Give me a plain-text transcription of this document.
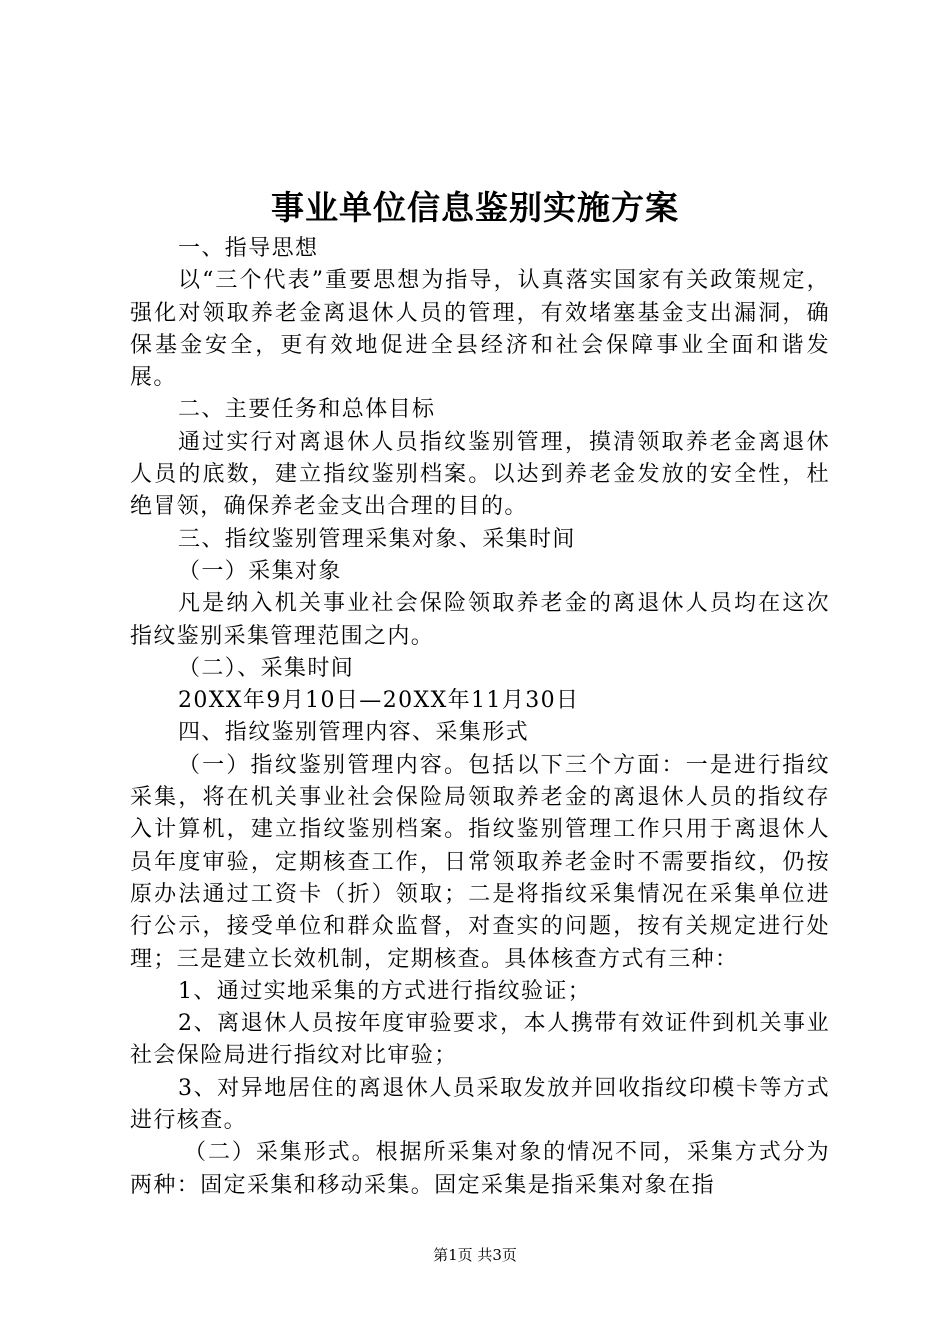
事业单位信息鉴别实施方案

一、指导思想

以“三个代表”重要思想为指导，认真落实国家有关政策规定，强化对领取养老金离退休人员的管理，有效堵塞基金支出漏洞，确保基金安全，更有效地促进全县经济和社会保障事业全面和谐发展。

二、主要任务和总体目标

通过实行对离退休人员指纹鉴别管理，摸清领取养老金离退休人员的底数，建立指纹鉴别档案。以达到养老金发放的安全性，杜绝冒领，确保养老金支出合理的目的。

三、指纹鉴别管理采集对象、采集时间

（一）采集对象

凡是纳入机关事业社会保险领取养老金的离退休人员均在这次指纹鉴别采集管理范围之内。

（二）、采集时间

20XX年9月10日—20XX年11月30日

四、指纹鉴别管理内容、采集形式

（一）指纹鉴别管理内容。包括以下三个方面：一是进行指纹采集，将在机关事业社会保险局领取养老金的离退休人员的指纹存入计算机，建立指纹鉴别档案。指纹鉴别管理工作只用于离退休人员年度审验，定期核查工作，日常领取养老金时不需要指纹，仍按原办法通过工资卡（折）领取；二是将指纹采集情况在采集单位进行公示，接受单位和群众监督，对查实的问题，按有关规定进行处理；三是建立长效机制，定期核查。具体核查方式有三种：

1、通过实地采集的方式进行指纹验证；

2、离退休人员按年度审验要求，本人携带有效证件到机关事业社会保险局进行指纹对比审验；

3、对异地居住的离退休人员采取发放并回收指纹印模卡等方式进行核查。

（二）采集形式。根据所采集对象的情况不同，采集方式分为两种：固定采集和移动采集。固定采集是指采集对象在指

第1页 共3页
